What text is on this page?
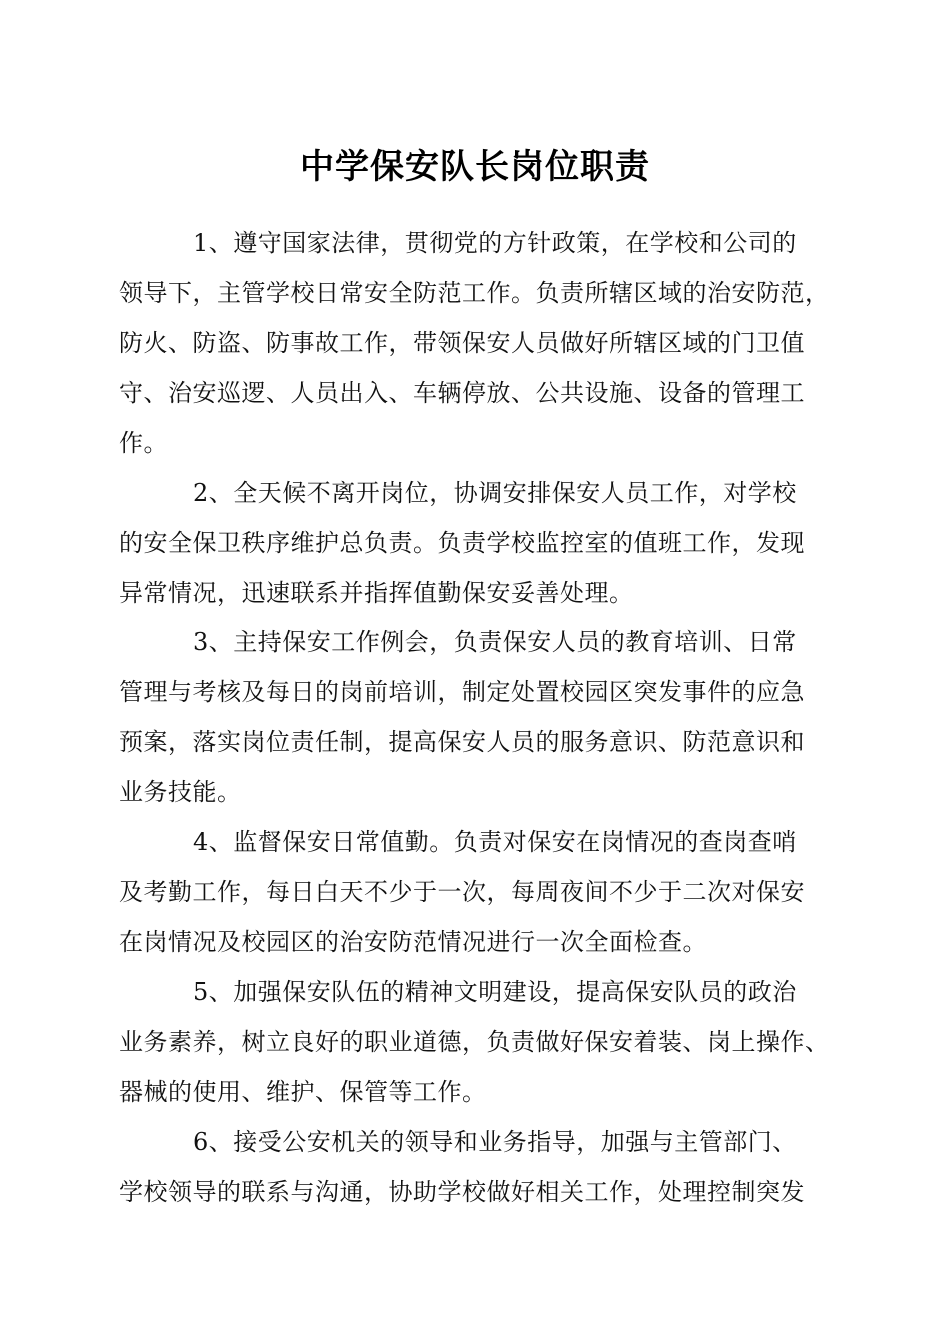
中学保安队长岗位职责
1、遵守国家法律，贯彻党的方针政策，在学校和公司的
领导下，主管学校日常安全防范工作。负责所辖区域的治安防范，
防火、防盗、防事故工作，带领保安人员做好所辖区域的门卫值
守、治安巡逻、人员出入、车辆停放、公共设施、设备的管理工
作。
2、全天候不离开岗位，协调安排保安人员工作，对学校
的安全保卫秩序维护总负责。负责学校监控室的值班工作，发现
异常情况，迅速联系并指挥值勤保安妥善处理。
3、主持保安工作例会，负责保安人员的教育培训、日常
管理与考核及每日的岗前培训，制定处置校园区突发事件的应急
预案，落实岗位责任制，提高保安人员的服务意识、防范意识和
业务技能。
4、监督保安日常值勤。负责对保安在岗情况的查岗查哨
及考勤工作，每日白天不少于一次，每周夜间不少于二次对保安
在岗情况及校园区的治安防范情况进行一次全面检查。
5、加强保安队伍的精神文明建设，提高保安队员的政治
业务素养，树立良好的职业道德，负责做好保安着装、岗上操作、
器械的使用、维护、保管等工作。
6、接受公安机关的领导和业务指导，加强与主管部门、
学校领导的联系与沟通，协助学校做好相关工作，处理控制突发
